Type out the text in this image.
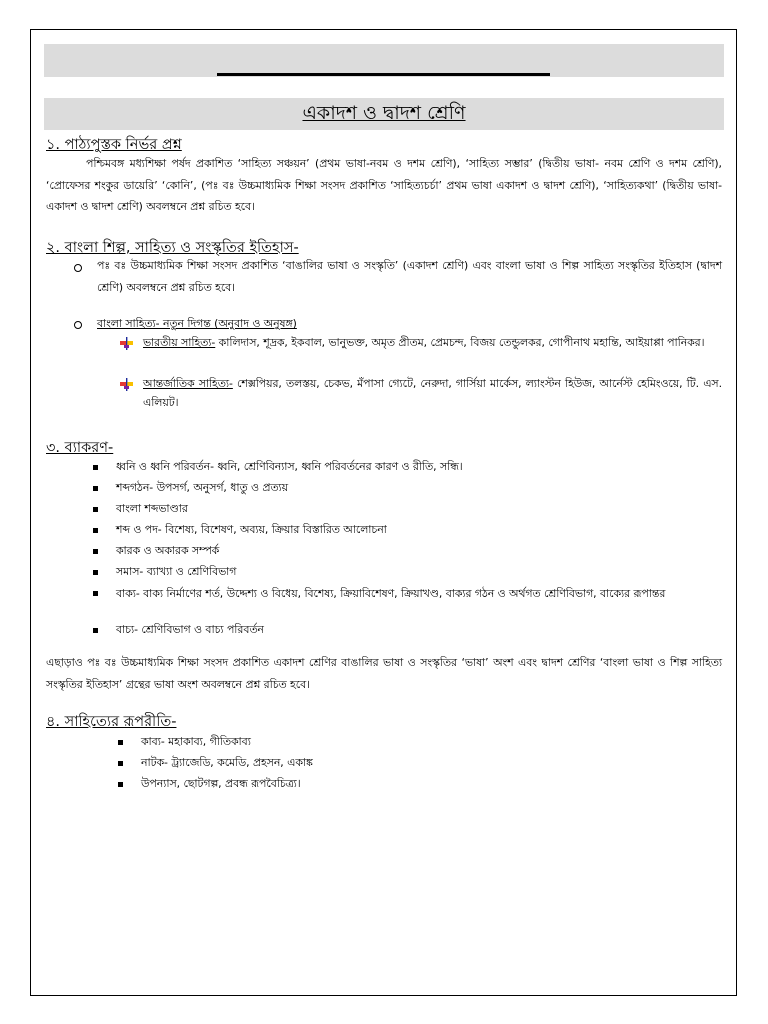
একাদশ ও দ্বাদশ শ্রেণি
১. পাঠ্যপুস্তক নির্ভর প্রশ্ন
পশ্চিমবঙ্গ মধ্যশিক্ষা পর্ষদ প্রকাশিত ‘সাহিত্য সঞ্চয়ন’ (প্রথম ভাষা-নবম ও দশম শ্রেণি), ‘সাহিত্য সম্ভার’ (দ্বিতীয় ভাষা- নবম শ্রেণি ও দশম শ্রেণি), ‘প্রোফেসর শংকুর ডায়েরি’ ‘কোনি’, (পঃ বঃ উচ্চমাধ্যমিক শিক্ষা সংসদ প্রকাশিত ‘সাহিত্যচর্চা’ প্রথম ভাষা একাদশ ও দ্বাদশ শ্রেণি), ‘সাহিত্যকথা’ (দ্বিতীয় ভাষা- একাদশ ও দ্বাদশ শ্রেণি) অবলম্বনে প্রশ্ন রচিত হবে।
২. বাংলা শিল্প, সাহিত্য ও সংস্কৃতির ইতিহাস-
পঃ বঃ উচ্চমাধ্যমিক শিক্ষা সংসদ প্রকাশিত ‘বাঙালির ভাষা ও সংস্কৃতি’ (একাদশ শ্রেণি) এবং বাংলা ভাষা ও শিল্প সাহিত্য সংস্কৃতির ইতিহাস (দ্বাদশ শ্রেণি) অবলম্বনে প্রশ্ন রচিত হবে।
বাংলা সাহিত্য- নতুন দিগন্ত (অনুবাদ ও অনুষঙ্গ)
ভারতীয় সাহিত্য- কালিদাস, শূদ্রক, ইকবাল, ভানুভক্ত, অমৃত প্রীতম, প্রেমচন্দ, বিজয় তেন্ডুলকর, গোপীনাথ মহান্তি, আইয়াপ্পা পানিকর।
আন্তর্জাতিক সাহিত্য- শেক্সপিয়র, তলস্তয়, চেকভ, মঁপাসা গ্যেটে, নেরুদা, গার্সিয়া মার্কেস, ল্যাংস্টন হিউজ, আর্নেস্ট হেমিংওয়ে, টি. এস. এলিয়ট।
৩. ব্যাকরণ-
ধ্বনি ও ধ্বনি পরিবর্তন- ধ্বনি, শ্রেণিবিন্যাস, ধ্বনি পরিবর্তনের কারণ ও রীতি, সন্ধি।
শব্দগঠন- উপসর্গ, অনুসর্গ, ধাতু ও প্রত্যয়
বাংলা শব্দভাণ্ডার
শব্দ ও পদ- বিশেষ্য, বিশেষণ, অব্যয়, ক্রিয়ার বিস্তারিত আলোচনা
কারক ও অকারক সম্পর্ক
সমাস- ব্যাখ্যা ও শ্রেণিবিভাগ
বাক্য- বাক্য নির্মাণের শর্ত, উদ্দেশ্য ও বিধেয়, বিশেষ্য, ক্রিয়াবিশেষণ, ক্রিয়াখণ্ড, বাক্যর গঠন ও অর্থগত শ্রেণিবিভাগ, বাক্যের রূপান্তর
বাচ্য- শ্রেণিবিভাগ ও বাচ্য পরিবর্তন
এছাড়াও পঃ বঃ উচ্চমাধ্যমিক শিক্ষা সংসদ প্রকাশিত একাদশ শ্রেণির বাঙালির ভাষা ও সংস্কৃতির ‘ভাষা’ অংশ এবং দ্বাদশ শ্রেণির ‘বাংলা ভাষা ও শিল্প সাহিত্য সংস্কৃতির ইতিহাস’ গ্রন্থের ভাষা অংশ অবলম্বনে প্রশ্ন রচিত হবে।
৪. সাহিত্যের রূপরীতি-
কাব্য- মহাকাব্য, গীতিকাব্য
নাটক- ট্র্যাজেডি, কমেডি, প্রহসন, একাঙ্ক
উপন্যাস, ছোটগল্প, প্রবন্ধ রূপবৈচিত্র্য।
